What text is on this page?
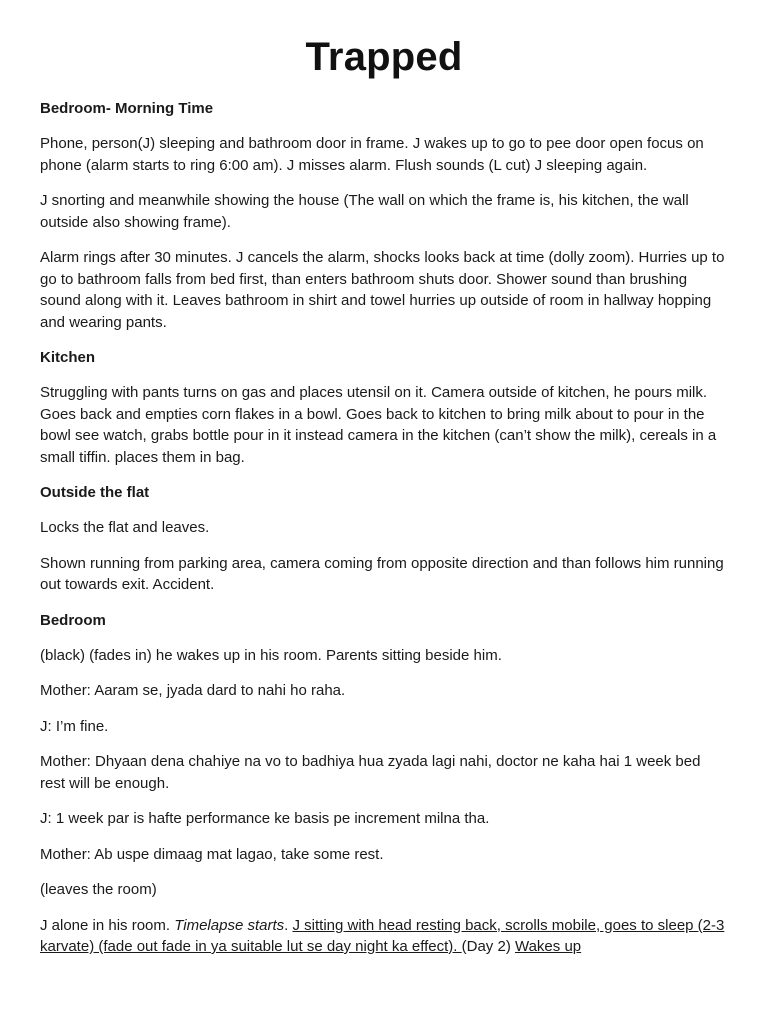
Trapped
Bedroom- Morning Time
Phone, person(J) sleeping and bathroom door in frame. J wakes up to go to pee door open focus on phone (alarm starts to ring 6:00 am). J misses alarm. Flush sounds (L cut) J sleeping again.
J snorting and meanwhile showing the house (The wall on which the frame is, his kitchen, the wall outside also showing frame).
Alarm rings after 30 minutes. J cancels the alarm, shocks looks back at time (dolly zoom). Hurries up to go to bathroom falls from bed first, than enters bathroom shuts door. Shower sound than brushing sound along with it. Leaves bathroom in shirt and towel hurries up outside of room in hallway hopping and wearing pants.
Kitchen
Struggling with pants turns on gas and places utensil on it. Camera outside of kitchen, he pours milk. Goes back and empties corn flakes in a bowl. Goes back to kitchen to bring milk about to pour in the bowl see watch, grabs bottle pour in it instead camera in the kitchen (can’t show the milk), cereals in a small tiffin. places them in bag.
Outside the flat
Locks the flat and leaves.
Shown running from parking area, camera coming from opposite direction and than follows him running out towards exit. Accident.
Bedroom
(black) (fades in) he wakes up in his room. Parents sitting beside him.
Mother: Aaram se, jyada dard to nahi ho raha.
J: I’m fine.
Mother: Dhyaan dena chahiye na vo to badhiya hua zyada lagi nahi, doctor ne kaha hai 1 week bed rest will be enough.
J: 1 week par is hafte performance ke basis pe increment milna tha.
Mother: Ab uspe dimaag mat lagao, take some rest.
(leaves the room)
J alone in his room. Timelapse starts. J sitting with head resting back, scrolls mobile, goes to sleep (2-3 karvate) (fade out fade in ya suitable lut se day night ka effect). (Day 2) Wakes up
